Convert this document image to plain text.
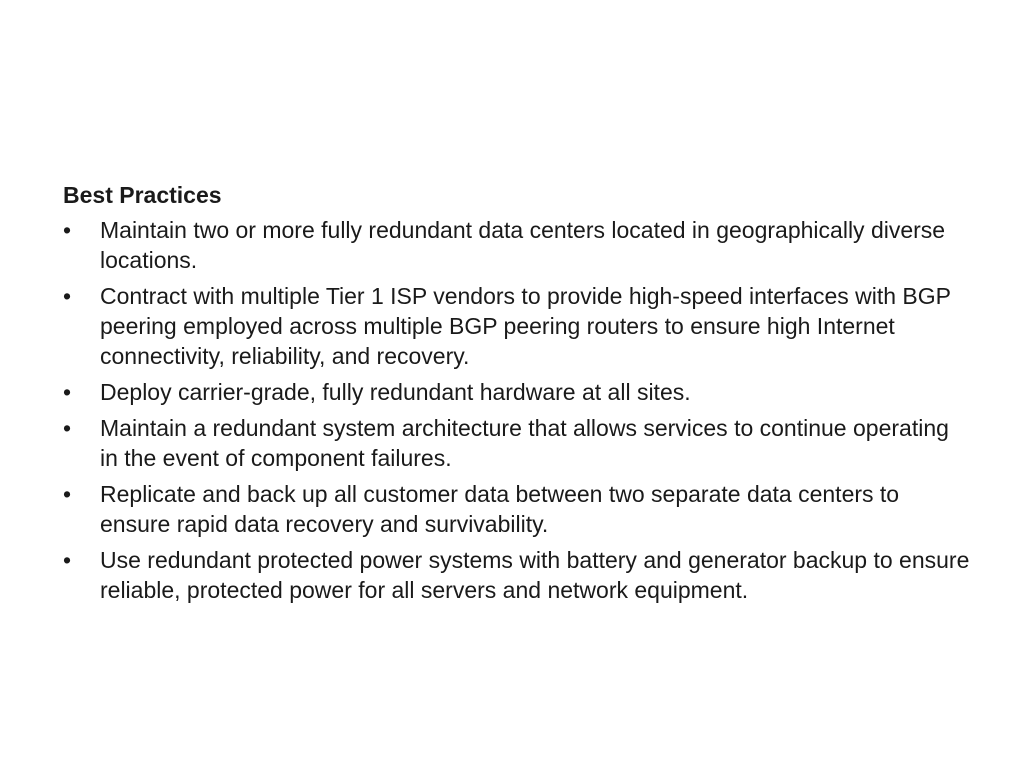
Best Practices
•	Maintain two or more fully redundant data centers located in geographically diverse locations.
•	Contract with multiple Tier 1 ISP vendors to provide high-speed interfaces with BGP peering employed across multiple BGP peering routers to ensure high Internet connectivity, reliability, and recovery.
•	Deploy carrier-grade, fully redundant hardware at all sites.
•	Maintain a redundant system architecture that allows services to continue operating in the event of component failures.
•	Replicate and back up all customer data between two separate data centers to ensure rapid data recovery and survivability.
•	Use redundant protected power systems with battery and generator backup to ensure reliable, protected power for all servers and network equipment.
